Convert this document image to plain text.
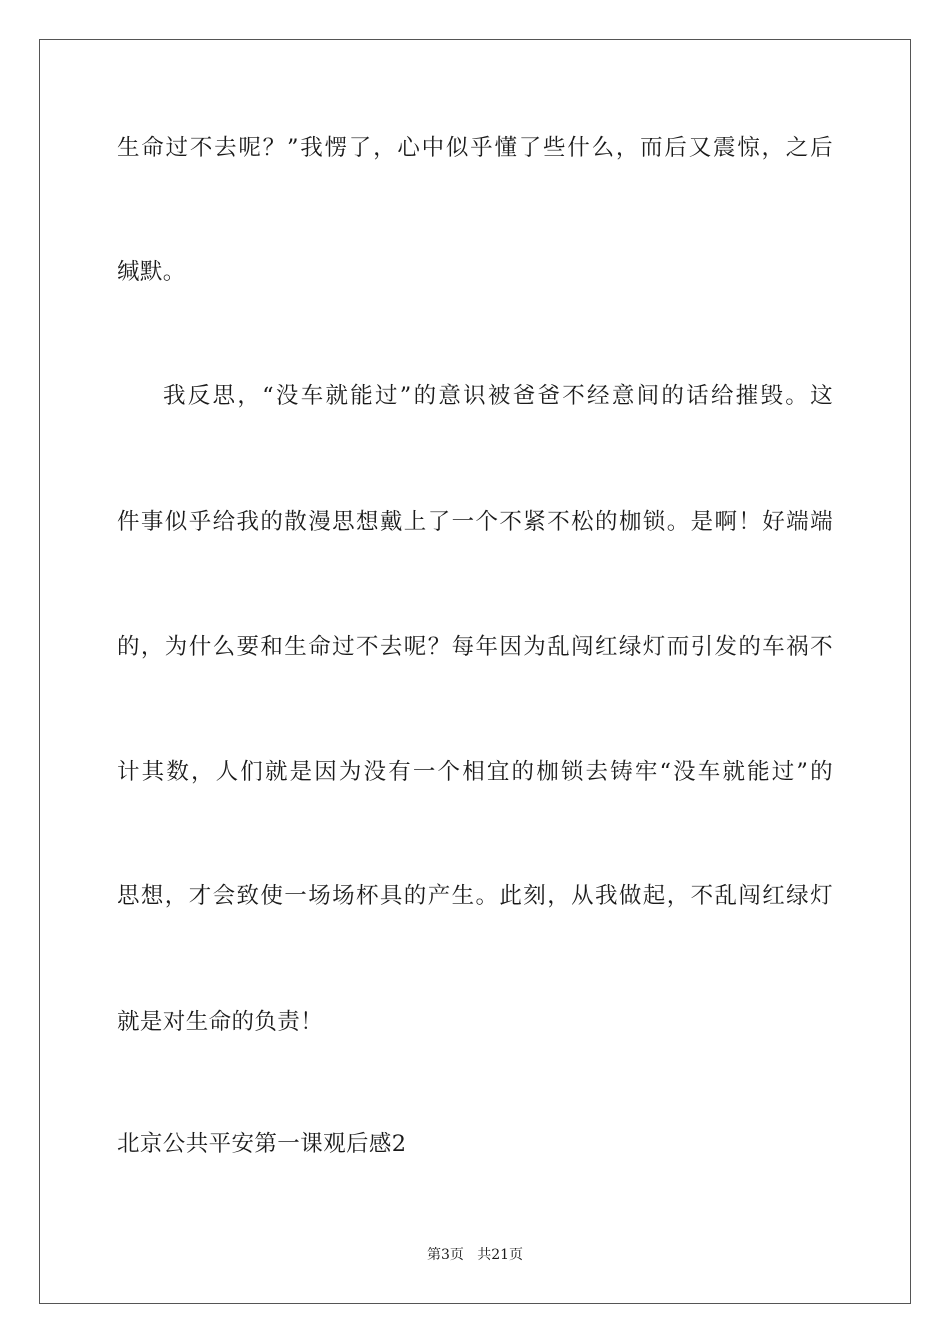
生命过不去呢？”我愣了，心中似乎懂了些什么，而后又震惊，之后

缄默。

我反思，“没车就能过”的意识被爸爸不经意间的话给摧毁。这

件事似乎给我的散漫思想戴上了一个不紧不松的枷锁。是啊！好端端

的，为什么要和生命过不去呢？每年因为乱闯红绿灯而引发的车祸不

计其数，人们就是因为没有一个相宜的枷锁去铸牢“没车就能过”的

思想，才会致使一场场杯具的产生。此刻，从我做起，不乱闯红绿灯

就是对生命的负责！

北京公共平安第一课观后感2
第3页   共21页
